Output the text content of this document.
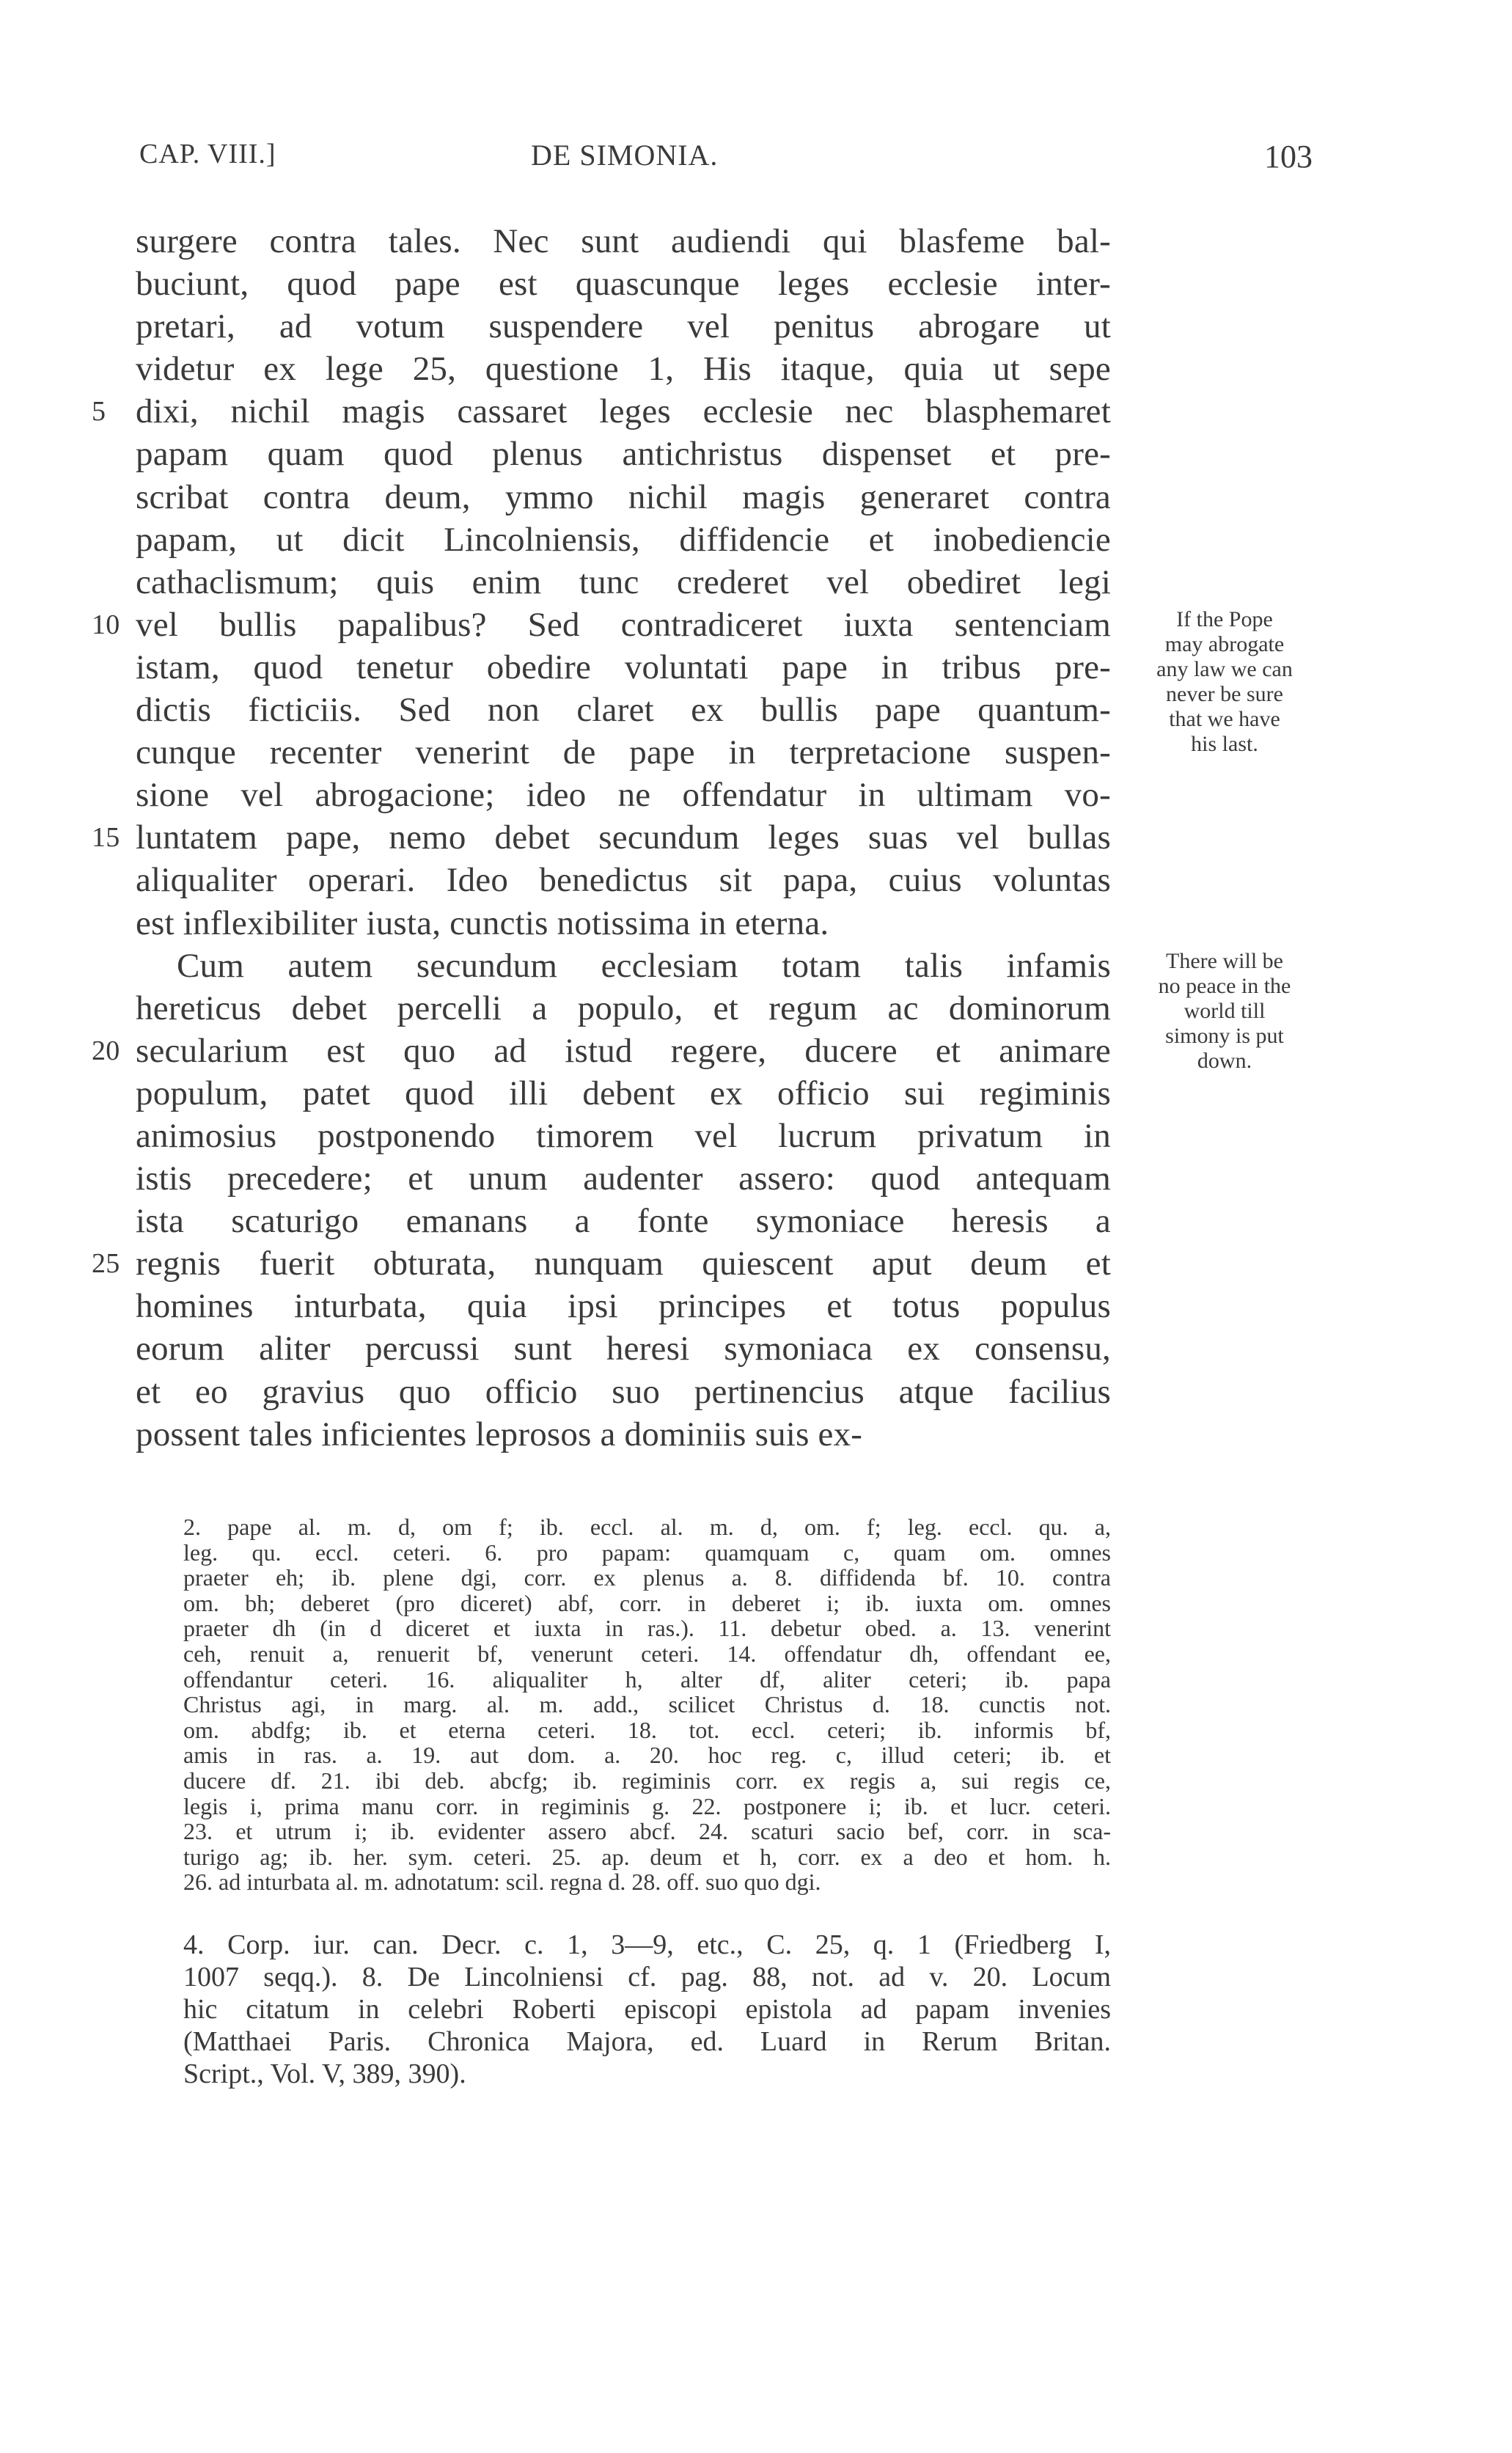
CAP. VIII.]	DE SIMONIA.	103
surgere contra tales. Nec sunt audiendi qui blasfeme bal-
buciunt, quod pape est quascunque leges ecclesie inter-
pretari, ad votum suspendere vel penitus abrogare ut
videtur ex lege 25, questione 1, His itaque, quia ut sepe
5 dixi, nichil magis cassaret leges ecclesie nec blasphemaret
papam quam quod plenus antichristus dispenset et pre-
scribat contra deum, ymmo nichil magis generaret contra
papam, ut dicit Lincolniensis, diffidencie et inobediencie
cathaclismum; quis enim tunc crederet vel obediret legi
10 vel bullis papalibus? Sed contradiceret iuxta sentenciam
istam, quod tenetur obedire voluntati pape in tribus pre-
dictis ficticiis. Sed non claret ex bullis pape quantum-
cunque recenter venerint de pape in terpretacione suspen-
sione vel abrogacione; ideo ne offendatur in ultimam vo-
15 luntatem pape, nemo debet secundum leges suas vel bullas
aliqualiter operari. Ideo benedictus sit papa, cuius voluntas
est inflexibiliter iusta, cunctis notissima in eterna.
Cum autem secundum ecclesiam totam talis infamis
hereticus debet percelli a populo, et regum ac dominorum
20 secularium est quo ad istud regere, ducere et animare
populum, patet quod illi debent ex officio sui regiminis
animosius postponendo timorem vel lucrum privatum in
istis precedere; et unum audenter assero: quod antequam
ista scaturigo emanans a fonte symoniace heresis a
25 regnis fuerit obturata, nunquam quiescent aput deum et
homines inturbata, quia ipsi principes et totus populus
eorum aliter percussi sunt heresi symoniaca ex consensu,
et eo gravius quo officio suo pertinencius atque facilius
possent tales inficientes leprosos a dominiis suis ex-
If the Pope
may abrogate
any law we can
never be sure
that we have
his last.
There will be
no peace in the
world till
simony is put
down.
2. pape al. m. d, om f; ib. eccl. al. m. d, om. f; leg. eccl. qu. a,
leg. qu. eccl. ceteri. 6. pro papam: quamquam c, quam om. omnes
praeter eh; ib. plene dgi, corr. ex plenus a. 8. diffidenda bf. 10. contra
om. bh; deberet (pro diceret) abf, corr. in deberet i; ib. iuxta om. omnes
praeter dh (in d diceret et iuxta in ras.). 11. debetur obed. a. 13. venerint
ceh, renuit a, renuerit bf, venerunt ceteri. 14. offendatur dh, offendant ee,
offendantur ceteri. 16. aliqualiter h, alter df, aliter ceteri; ib. papa
Christus agi, in marg. al. m. add., scilicet Christus d. 18. cunctis not.
om. abdfg; ib. et eterna ceteri. 18. tot. eccl. ceteri; ib. informis bf,
amis in ras. a. 19. aut dom. a. 20. hoc reg. c, illud ceteri; ib. et
ducere df. 21. ibi deb. abcfg; ib. regiminis corr. ex regis a, sui regis ce,
legis i, prima manu corr. in regiminis g. 22. postponere i; ib. et lucr. ceteri.
23. et utrum i; ib. evidenter assero abcf. 24. scaturi sacio bef, corr. in sca-
turigo ag; ib. her. sym. ceteri. 25. ap. deum et h, corr. ex a deo et hom. h.
26. ad inturbata al. m. adnotatum: scil. regna d. 28. off. suo quo dgi.
4. Corp. iur. can. Decr. c. 1, 3—9, etc., C. 25, q. 1 (Friedberg I,
1007 seqq.). 8. De Lincolniensi cf. pag. 88, not. ad v. 20. Locum
hic citatum in celebri Roberti episcopi epistola ad papam invenies
(Matthaei Paris. Chronica Majora, ed. Luard in Rerum Britan.
Script., Vol. V, 389, 390).
